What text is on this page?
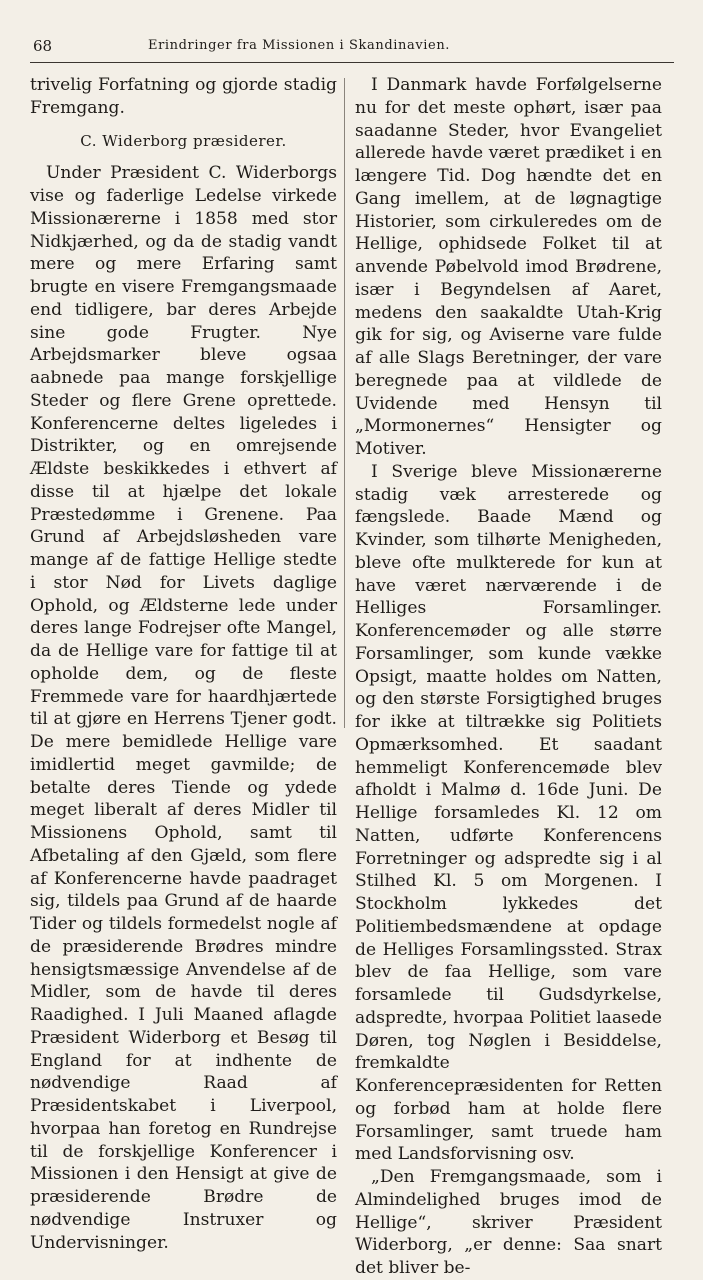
68	Erindringer fra Missionen i Skandinavien.

trivelig Forfatning og gjorde stadig Fremgang.

C. Widerborg præsiderer.

Under Præsident C. Widerborgs vise og faderlige Ledelse virkede Missionærerne i 1858 med stor Nidkjærhed, og da de stadig vandt mere og mere Erfaring samt brugte en visere Fremgangsmaade end tidligere, bar deres Arbejde sine gode Frugter. Nye Arbejdsmarker bleve ogsaa aabnede paa mange forskjellige Steder og flere Grene oprettede. Konferencerne deltes ligeledes i Distrikter, og en omrejsende Ældste beskikkedes i ethvert af disse til at hjælpe det lokale Præstedømme i Grenene. Paa Grund af Arbejdsløsheden vare mange af de fattige Hellige stedte i stor Nød for Livets daglige Ophold, og Ældsterne lede under deres lange Fodrejser ofte Mangel, da de Hellige vare for fattige til at opholde dem, og de fleste Fremmede vare for haardhjærtede til at gjøre en Herrens Tjener godt. De mere bemidlede Hellige vare imidlertid meget gavmilde; de betalte deres Tiende og ydede meget liberalt af deres Midler til Missionens Ophold, samt til Afbetaling af den Gjæld, som flere af Konferencerne havde paadraget sig, tildels paa Grund af de haarde Tider og tildels formedelst nogle af de præsiderende Brødres mindre hensigtsmæssige Anvendelse af de Midler, som de havde til deres Raadighed. I Juli Maaned aflagde Præsident Widerborg et Besøg til England for at indhente de nødvendige Raad af Præsidentskabet i Liverpool, hvorpaa han foretog en Rundrejse til de forskjellige Konferencer i Missionen i den Hensigt at give de præsiderende Brødre de nødvendige Instruxer og Undervisninger.

I Danmark havde Forfølgelserne nu for det meste ophørt, især paa saadanne Steder, hvor Evangeliet allerede havde været prædiket i en længere Tid. Dog hændte det en Gang imellem, at de løgnagtige Historier, som cirkuleredes om de Hellige, ophidsede Folket til at anvende Pøbelvold imod Brødrene, især i Begyndelsen af Aaret, medens den saakaldte Utah-Krig gik for sig, og Aviserne vare fulde af alle Slags Beretninger, der vare beregnede paa at vildlede de Uvidende med Hensyn til „Mormonernes“ Hensigter og Motiver.

I Sverige bleve Missionærerne stadig væk arresterede og fængslede. Baade Mænd og Kvinder, som tilhørte Menigheden, bleve ofte mulkterede for kun at have været nærværende i de Helliges Forsamlinger. Konferencemøder og alle større Forsamlinger, som kunde vække Opsigt, maatte holdes om Natten, og den største Forsigtighed bruges for ikke at tiltrække sig Politiets Opmærksomhed. Et saadant hemmeligt Konferencemøde blev afholdt i Malmø d. 16de Juni. De Hellige forsamledes Kl. 12 om Natten, udførte Konferencens Forretninger og adspredte sig i al Stilhed Kl. 5 om Morgenen. I Stockholm lykkedes det Politiembedsmændene at opdage de Helliges Forsamlingssted. Strax blev de faa Hellige, som vare forsamlede til Gudsdyrkelse, adspredte, hvorpaa Politiet laasede Døren, tog Nøglen i Besiddelse, fremkaldte Konferencepræsidenten for Retten og forbød ham at holde flere Forsamlinger, samt truede ham med Landsforvisning osv.

„Den Fremgangsmaade, som i Almindelighed bruges imod de Hellige“, skriver Præsident Widerborg, „er denne: Saa snart det bliver be-
